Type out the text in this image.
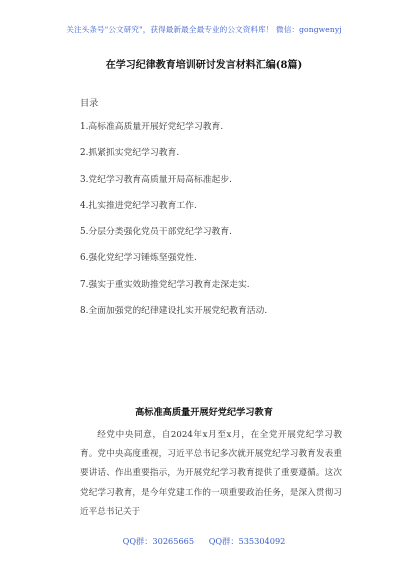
关注头条号"公文研究"，获得最新最全最专业的公文资料库！ 微信：gongwenyj
在学习纪律教育培训研讨发言材料汇编(8篇)
目录
1.高标准高质量开展好党纪学习教育.
2.抓紧抓实党纪学习教育.
3.党纪学习教育高质量开局高标准起步.
4.扎实推进党纪学习教育工作.
5.分层分类强化党员干部党纪学习教育.
6.强化党纪学习锤炼坚强党性.
7.强实于重实效助推党纪学习教育走深走实.
8.全面加强党的纪律建设扎实开展党纪教育活动.
高标准高质量开展好党纪学习教育

经党中央同意，自2024年x月至x月，在全党开展党纪学习教育。党中央高度重视，习近平总书记多次就开展党纪学习教育发表重要讲话、作出重要指示，为开展党纪学习教育提供了重要遵循。这次党纪学习教育，是今年党建工作的一项重要政治任务，是深入贯彻习近平总书记关于

QQ群：30265665 QQ群：535304092
